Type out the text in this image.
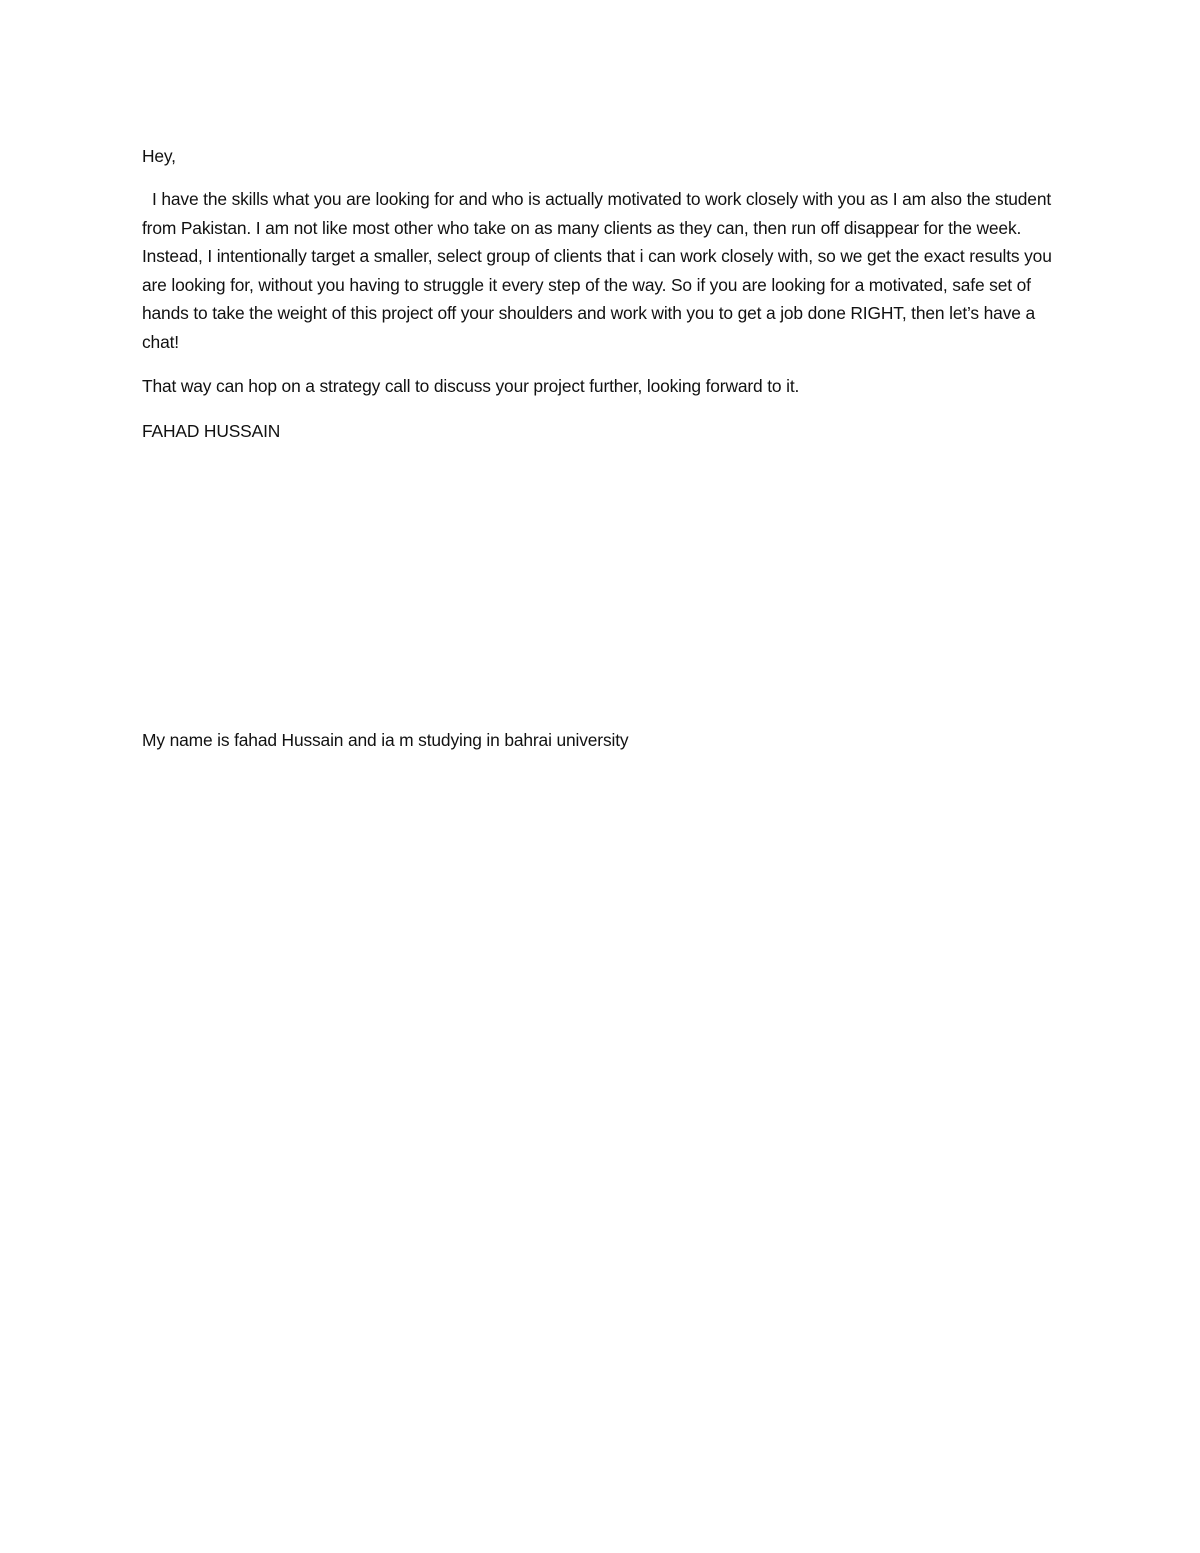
Hey,

I have the skills what you are looking for and who is actually motivated to work closely with you as I am also the student from Pakistan. I am not like most other who take on as many clients as they can, then run off disappear for the week. Instead, I intentionally target a smaller, select group of clients that i can work closely with, so we get the exact results you are looking for, without you having to struggle it every step of the way. So if you are looking for a motivated, safe set of hands to take the weight of this project off your shoulders and work with you to get a job done RIGHT, then let’s have a chat!

That way can hop on a strategy call to discuss your project further, looking forward to it.

FAHAD HUSSAIN

My name is fahad Hussain and ia m studying in bahrai university
